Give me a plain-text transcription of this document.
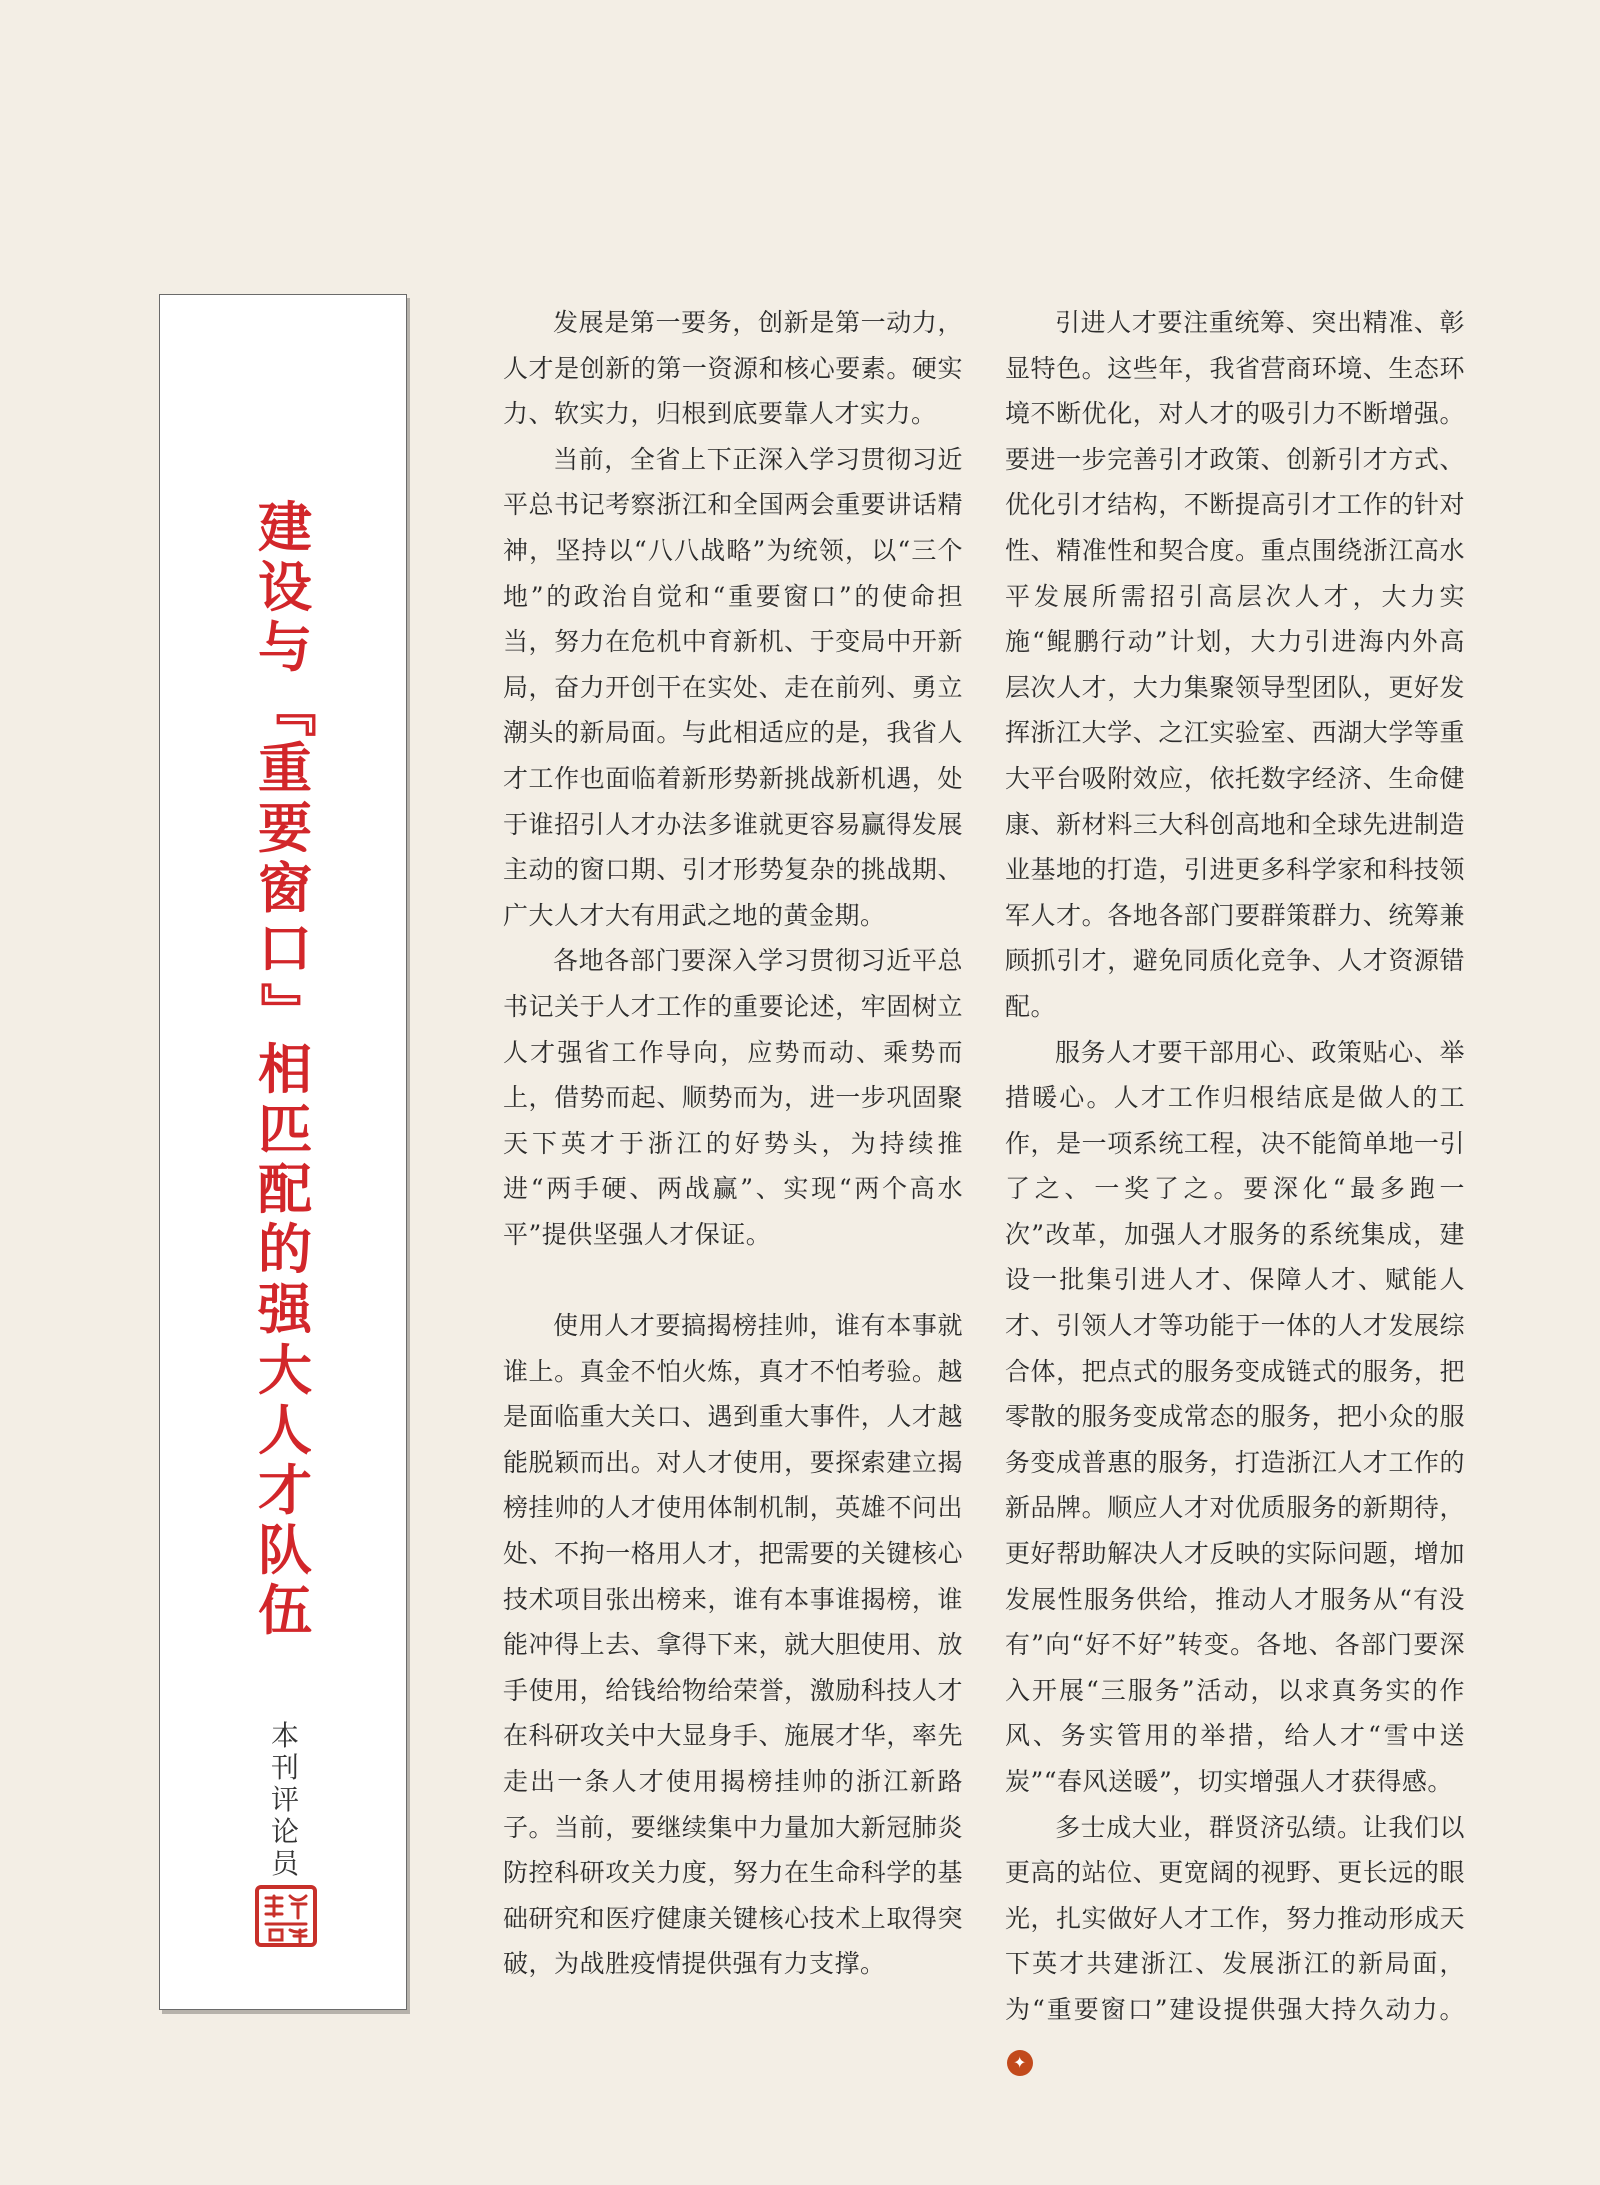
建
设
与
『
重
要
窗
口
』
相
匹
配
的
强
大
人
才
队
伍
本
刊
评
论
员

发展是第一要务，创新是第一动力，人才是创新的第一资源和核心要素。硬实力、软实力，归根到底要靠人才实力。

当前，全省上下正深入学习贯彻习近平总书记考察浙江和全国两会重要讲话精神，坚持以“八八战略”为统领，以“三个地”的政治自觉和“重要窗口”的使命担当，努力在危机中育新机、于变局中开新局，奋力开创干在实处、走在前列、勇立潮头的新局面。与此相适应的是，我省人才工作也面临着新形势新挑战新机遇，处于谁招引人才办法多谁就更容易赢得发展主动的窗口期、引才形势复杂的挑战期、广大人才大有用武之地的黄金期。

各地各部门要深入学习贯彻习近平总书记关于人才工作的重要论述，牢固树立人才强省工作导向，应势而动、乘势而上，借势而起、顺势而为，进一步巩固聚天下英才于浙江的好势头，为持续推进“两手硬、两战赢”、实现“两个高水平”提供坚强人才保证。

使用人才要搞揭榜挂帅，谁有本事就谁上。真金不怕火炼，真才不怕考验。越是面临重大关口、遇到重大事件，人才越能脱颖而出。对人才使用，要探索建立揭榜挂帅的人才使用体制机制，英雄不问出处、不拘一格用人才，把需要的关键核心技术项目张出榜来，谁有本事谁揭榜，谁能冲得上去、拿得下来，就大胆使用、放手使用，给钱给物给荣誉，激励科技人才在科研攻关中大显身手、施展才华，率先走出一条人才使用揭榜挂帅的浙江新路子。当前，要继续集中力量加大新冠肺炎防控科研攻关力度，努力在生命科学的基础研究和医疗健康关键核心技术上取得突破，为战胜疫情提供强有力支撑。

引进人才要注重统筹、突出精准、彰显特色。这些年，我省营商环境、生态环境不断优化，对人才的吸引力不断增强。要进一步完善引才政策、创新引才方式、优化引才结构，不断提高引才工作的针对性、精准性和契合度。重点围绕浙江高水平发展所需招引高层次人才，大力实施“鲲鹏行动”计划，大力引进海内外高层次人才，大力集聚领导型团队，更好发挥浙江大学、之江实验室、西湖大学等重大平台吸附效应，依托数字经济、生命健康、新材料三大科创高地和全球先进制造业基地的打造，引进更多科学家和科技领军人才。各地各部门要群策群力、统筹兼顾抓引才，避免同质化竞争、人才资源错配。

服务人才要干部用心、政策贴心、举措暖心。人才工作归根结底是做人的工作，是一项系统工程，决不能简单地一引了之、一奖了之。要深化“最多跑一次”改革，加强人才服务的系统集成，建设一批集引进人才、保障人才、赋能人才、引领人才等功能于一体的人才发展综合体，把点式的服务变成链式的服务，把零散的服务变成常态的服务，把小众的服务变成普惠的服务，打造浙江人才工作的新品牌。顺应人才对优质服务的新期待，更好帮助解决人才反映的实际问题，增加发展性服务供给，推动人才服务从“有没有”向“好不好”转变。各地、各部门要深入开展“三服务”活动，以求真务实的作风、务实管用的举措，给人才“雪中送炭”“春风送暖”，切实增强人才获得感。

多士成大业，群贤济弘绩。让我们以更高的站位、更宽阔的视野、更长远的眼光，扎实做好人才工作，努力推动形成天下英才共建浙江、发展浙江的新局面，为“重要窗口”建设提供强大持久动力。✦
